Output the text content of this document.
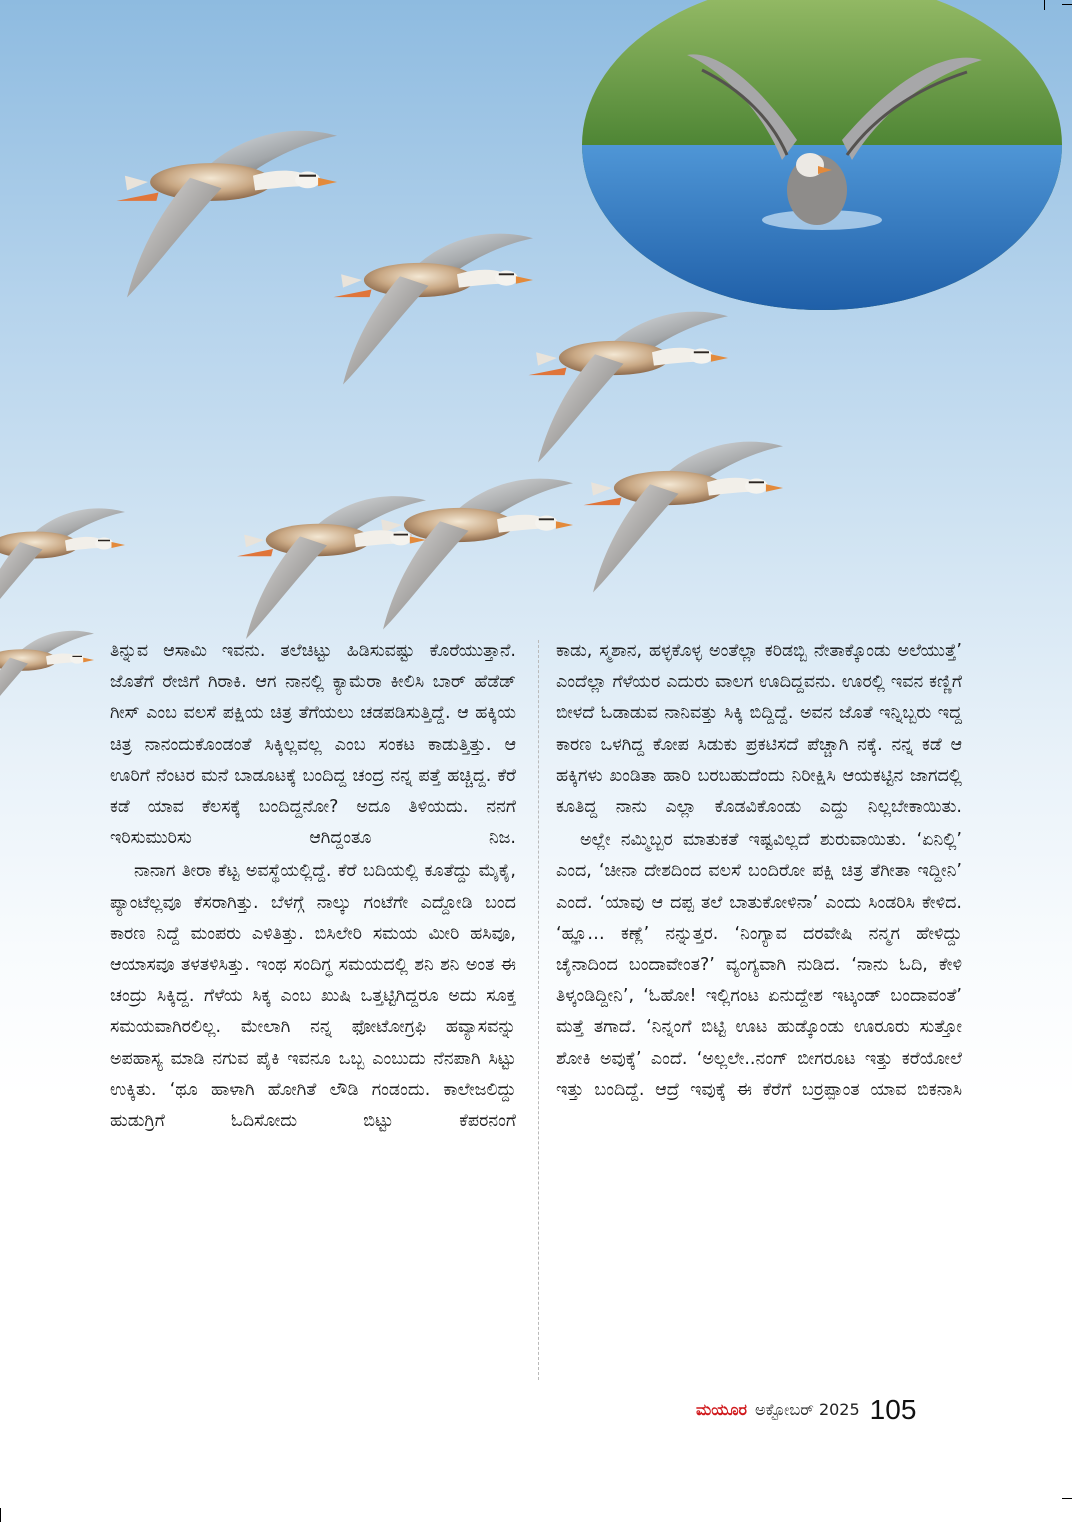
ತಿನ್ನುವ ಆಸಾಮಿ ಇವನು. ತಲೆಚಿಟ್ಟು ಹಿಡಿಸುವಷ್ಟು ಕೊರೆಯುತ್ತಾನೆ. ಜೊತೆಗೆ ರೇಜಿಗೆ ಗಿರಾಕಿ. ಆಗ ನಾನಲ್ಲಿ ಕ್ಯಾಮೆರಾ ಕೀಲಿಸಿ ಬಾರ್ ಹೆಡೆಡ್ ಗೀಸ್ ಎಂಬ ವಲಸೆ ಪಕ್ಷಿಯ ಚಿತ್ರ ತೆಗೆಯಲು ಚಡಪಡಿಸುತ್ತಿದ್ದೆ. ಆ ಹಕ್ಕಿಯ ಚಿತ್ರ ನಾನಂದುಕೊಂಡಂತೆ ಸಿಕ್ಕಿಲ್ಲವಲ್ಲ ಎಂಬ ಸಂಕಟ ಕಾಡುತ್ತಿತ್ತು. ಆ ಊರಿಗೆ ನೆಂಟರ ಮನೆ ಬಾಡೂಟಕ್ಕೆ ಬಂದಿದ್ದ ಚಂದ್ರ ನನ್ನ ಪತ್ತೆ ಹಚ್ಚಿದ್ದ. ಕೆರೆ ಕಡೆ ಯಾವ ಕೆಲಸಕ್ಕೆ ಬಂದಿದ್ದನೋ? ಅದೂ ತಿಳಿಯದು. ನನಗೆ ಇರಿಸುಮುರಿಸು ಆಗಿದ್ದಂತೂ ನಿಜ.

ನಾನಾಗ ತೀರಾ ಕೆಟ್ಟ ಅವಸ್ಥೆಯಲ್ಲಿದ್ದೆ. ಕೆರೆ ಬದಿಯಲ್ಲಿ ಕೂತೆದ್ದು ಮೈಕೈ, ಪ್ಯಾಂಟೆಲ್ಲವೂ ಕೆಸರಾಗಿತ್ತು. ಬೆಳಗ್ಗೆ ನಾಲ್ಕು ಗಂಟೆಗೇ ಎದ್ದೋಡಿ ಬಂದ ಕಾರಣ ನಿದ್ದೆ ಮಂಪರು ಎಳಿತಿತ್ತು. ಬಿಸಿಲೇರಿ ಸಮಯ ಮೀರಿ ಹಸಿವೂ, ಆಯಾಸವೂ ತಳತಳಿಸಿತ್ತು. ಇಂಥ ಸಂದಿಗ್ಧ ಸಮಯದಲ್ಲಿ ಶನಿ ಶನಿ ಅಂತ ಈ ಚಂದ್ರು ಸಿಕ್ಕಿದ್ದ. ಗೆಳೆಯ ಸಿಕ್ಕ ಎಂಬ ಖುಷಿ ಒತ್ತಟ್ಟಿಗಿದ್ದರೂ ಅದು ಸೂಕ್ತ ಸಮಯವಾಗಿರಲಿಲ್ಲ. ಮೇಲಾಗಿ ನನ್ನ ಫೋಟೋಗ್ರಫಿ ಹವ್ಯಾಸವನ್ನು ಅಪಹಾಸ್ಯ ಮಾಡಿ ನಗುವ ಪೈಕಿ ಇವನೂ ಒಬ್ಬ ಎಂಬುದು ನೆನಪಾಗಿ ಸಿಟ್ಟು ಉಕ್ಕಿತು. ‘ಥೂ ಹಾಳಾಗಿ ಹೋಗಿತೆ ಲೌಡಿ ಗಂಡಂದು. ಕಾಲೇಜಲಿದ್ದು ಹುಡುಗ್ರಿಗೆ ಓದಿಸೋದು ಬಿಟ್ಟು ಕೆಪರನಂಗೆ

ಕಾಡು, ಸ್ಮಶಾನ, ಹಳ್ಳಕೊಳ್ಳ ಅಂತೆಲ್ಲಾ ಕರಿಡಬ್ಬಿ ನೇತಾಕ್ಕೊಂಡು ಅಲೆಯುತ್ತೆ’ ಎಂದೆಲ್ಲಾ ಗೆಳೆಯರ ಎದುರು ವಾಲಗ ಊದಿದ್ದವನು. ಊರಲ್ಲಿ ಇವನ ಕಣ್ಣಿಗೆ ಬೀಳದೆ ಓಡಾಡುವ ನಾನಿವತ್ತು ಸಿಕ್ಕಿ ಬಿದ್ದಿದ್ದೆ. ಅವನ ಜೊತೆ ಇನ್ನಿಬ್ಬರು ಇದ್ದ ಕಾರಣ ಒಳಗಿದ್ದ ಕೋಪ ಸಿಡುಕು ಪ್ರಕಟಿಸದೆ ಪೆಚ್ಚಾಗಿ ನಕ್ಕೆ. ನನ್ನ ಕಡೆ ಆ ಹಕ್ಕಿಗಳು ಖಂಡಿತಾ ಹಾರಿ ಬರಬಹುದೆಂದು ನಿರೀಕ್ಷಿಸಿ ಆಯಕಟ್ಟಿನ ಜಾಗದಲ್ಲಿ ಕೂತಿದ್ದ ನಾನು ಎಲ್ಲಾ ಕೊಡವಿಕೊಂಡು ಎದ್ದು ನಿಲ್ಲಬೇಕಾಯಿತು.

ಅಲ್ಲೇ ನಮ್ಮಿಬ್ಬರ ಮಾತುಕತೆ ಇಷ್ಟವಿಲ್ಲದೆ ಶುರುವಾಯಿತು. ‘ಏನಿಲ್ಲಿ’ ಎಂದ, ‘ಚೀನಾ ದೇಶದಿಂದ ವಲಸೆ ಬಂದಿರೋ ಪಕ್ಷಿ ಚಿತ್ರ ತೆಗೀತಾ ಇದ್ದೀನಿ’ ಎಂದೆ. ‘ಯಾವು ಆ ದಪ್ಪ ತಲೆ ಬಾತುಕೋಳಿನಾ’ ಎಂದು ಸಿಂಡರಿಸಿ ಕೇಳಿದ. ‘ಹ್ಞೂ… ಕಣ್ಲೆ’ ನನ್ನುತ್ತರ. ‘ನಿಂಗ್ಯಾವ ದರವೇಷಿ ನನ್ಮಗ ಹೇಳಿದ್ದು ಚೈನಾದಿಂದ ಬಂದಾವೇಂತ?’ ವ್ಯಂಗ್ಯವಾಗಿ ನುಡಿದ. ‘ನಾನು ಓದಿ, ಕೇಳಿ ತಿಳ್ಕಂಡಿದ್ದೀನಿ’, ‘ಓಹೋ! ಇಲ್ಲಿಗಂಟ ಏನುದ್ದೇಶ ಇಟ್ಕಂಡ್ ಬಂದಾವಂತೆ’ ಮತ್ತೆ ತಗಾದೆ. ‘ನಿನ್ನಂಗೆ ಬಿಟ್ಟಿ ಊಟ ಹುಡ್ಕೊಂಡು ಊರೂರು ಸುತ್ತೋ ಶೋಕಿ ಅವುಕ್ಕೆ’ ಎಂದೆ. ‘ಅಲ್ಲಲೇ..ನಂಗ್ ಬೀಗರೂಟ ಇತ್ತು ಕರೆಯೋಲೆ ಇತ್ತು ಬಂದಿದ್ದೆ. ಆದ್ರೆ ಇವುಕ್ಕೆ ಈ ಕೆರೆಗೆ ಬರ್ರಪ್ಪಾಂತ ಯಾವ ಬಿಕನಾಸಿ

ಮಯೂರ ಅಕ್ಟೋಬರ್ 2025 105
